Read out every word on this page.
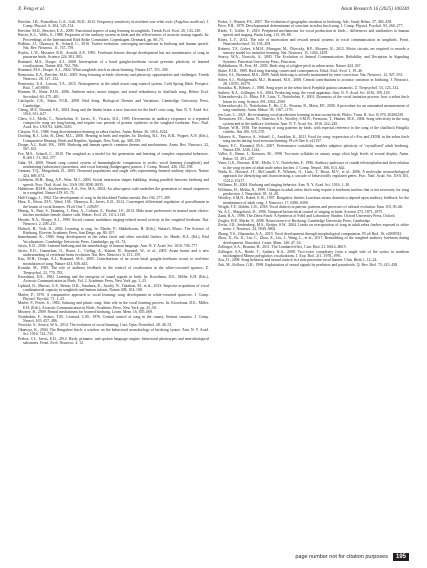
X. Peng et al.	Avian Research 16 (2025) 100240

Beecher, J.B., Ponsollion, G.A., Gall, M.D., 2013. Frequency sensitivity in northern saw-whet owls (Aegolius acadicus). J. Comp. Physiol. A. 204, 145–154.

Beecher, M.D., Beecher, E.A., 2009. Functional aspects of song learning in songbirds. Trends Ecol. Evol. 20, 143–149.

Bercet, K.C., Wells, S., 1988. Properties of the auditory system in birds and the effectiveness of acoustic startup signals. In: Proceedings of the International Bird Strike Committee, Copenhagen, Denmark, pp. 60–73.

Bolhuis, J.J., Okanoya, K., Scharff, C., 2010. Twitter evolution: converging mechanisms in birdsong and human speech. Nat. Rev. Neurosci. 11, 747–759.

Boyles, L.W., Mossner, K.R., Arnold, A.P., 1985. Forebrain lesions disrupt development but not maintenance of song in passerine birds. Science 224, 901–903.

Brainard, M.S., Doupe, A.J., 2000. Interruption of a basal ganglia-forebrain circuit prevents plasticity of learned vocalizations. Nature 404, 762–766.

Brainard, M.S., Doupe, A.J., 2002. What songbirds teach us about learning. Nature 417, 351–358.

Brenowitz, E.A., Beecher, M.D., 2005. Song learning in birds: diversity and plasticity, opportunities and challenges. Trends Neurosci. 28, 127–132.

Brenowitz, E.A., Larson, T.A., 2015. Neurogenesis in the adult avian song-control system. Cold Spring Harb. Perspect. Biol. 7, a019000.

Brumm, H., Slater, P.J.B., 2006. Ambient noise, motor fatigue, and serial redundancy in chaffinch song. Behav. Ecol. Sociobiol. 60, 475–481.

Catchpole, C.K., Slater, P.J.B., 2008. Bird Song: Biological Themes and Variations. Cambridge University Press, Cambridge.

Cheng, M.F., Durand, S.E., 2004. Song and the limbic brain: a new function for the bird's own song. Ann. N. Y. Acad. Sci. 1016, 611–627.

Chew, S.J., Mello, C., Nottebohm, F., Jarvis, E., Vicario, D.S., 1995. Decrements in auditory responses to a repeated conspecific song are long-lasting and require two periods of protein synthesis in the songbird forebrain. Proc. Natl. Acad. Sci. USA 92, 3406–3410.

Clayton, N.S., 1988. Song discrimination learning in zebra finches. Anim. Behav. 36, 1016–1024.

Dooling, R.J., Lohr, B., Dent, M.L., 2000. Hearing in birds and reptiles. In: Dooling, R.J., Fay, R.R., Popper, A.N. (Eds.), Comparative Hearing: Birds and Reptiles. Springer, New York, pp. 308–359.

Doupe, A.J., Kuhl, P.K., 1999. Birdsong and human speech: common themes and mechanisms. Annu. Rev. Neurosci. 22, 567–631.

Fee, M.S., Scharff, C., 2010. The songbird as a model for the generation and learning of complex sequential behaviors. ILAR J. 51, 362–377.

Gahr, M., 2000. Neural song control system of hummingbirds: comparison to swifts, vocal learning (songbirds) and nonlearning (suboscines) passerines, and vocal learning (budgerigars) parrots. J. Comp. Neurol. 426, 182–196.

Gentner, T.Q., Margoliash, D., 2003. Neuronal populations and single cells representing learned auditory objects. Nature 424, 669–674.

Goldstein, M.H., King, A.P., West, M.J., 2003. Social interaction shapes babbling: testing parallels between birdsong and speech. Proc. Natl. Acad. Sci. USA 100, 8030–8035.

Hahnloser, R.H.R., Kozhevnikov, A.A., Fee, M.S., 2002. An ultra-sparse code underlies the generation of neural sequences in a songbird. Nature 419, 65–70.

Hall-Craggs, J., 1962. The development of song in the blackbird Turdus merula. Ibis 104, 277–300.

Hara, E., Rivas, M.V., Ward, J.M., Okanoya, K., Jarvis, E.D., 2012. Convergent differential regulation of parvalbumin in the brains of vocal learners. PLoS One 7, e29457.

Heinig, A., Pant, S., Dunning, J., Bass, A., Coburn, Z., Prather, J.F., 2014. Male mate preferences in mutual mate choice: finches modulate female chatter calls. Behav. Ecol. 25, 1113–1120.

Hessler, N.A., Doupe, A.J., 1999. Social context modulates singing-related neural activity in the songbird forebrain. Nat. Neurosci. 2, 209–211.

Hultsch, H., Todt, D., 2004. Learning to sing. In: Marler, P., Slabbekoorn, H. (Eds.), Nature's Music: The Science of Birdsong. Elsevier Academic Press, San Diego, pp. 80–107.

Immelmann, K., 1969. Song development in the zebra finch and other estrildid finches. In: Hinde, R.A. (Ed.), Bird Vocalizations. Cambridge University Press, Cambridge, pp. 61–74.

Jarvis, E.D., 2004. Learned birdsong and the neurobiology of human language. Ann. N. Y. Acad. Sci. 1016, 749–777.

Jarvis, E.D., Gunturkun, O., Bruce, L., Csillag, A., Karten, H., Kuenzel, W., et al., 2005. Avian brains and a new understanding of vertebrate brain evolution. Nat. Rev. Neurosci. 6, 151–159.

Kao, M.H., Doupe, A.J., Brainard, M.S., 2005. Contributions of an avian basal ganglia-forebrain circuit to real-time modulation of song. Nature 433, 638–643.

Konishi, M., 1965. The role of auditory feedback in the control of vocalization in the white-crowned sparrow. Z. Tierpsychol. 22, 770–783.

Kroodsma, D.E., 1982. Learning and the ontogeny of sound signals in birds. In: Kroodsma, D.E., Miller, E.H. (Eds.), Acoustic Communication in Birds, Vol. 2. Academic Press, New York, pp. 1–23.

Lipkind, D., Marcus, G.F., Bemis, D.K., Sasahara, K., Jacoby, N., Takahasi, M., et al., 2013. Stepwise acquisition of vocal combinatorial capacity in songbirds and human infants. Nature 498, 104–108.

Marler, P., 1970. A comparative approach to vocal learning: song development in white-crowned sparrows. J. Comp. Physiol. Psychol. 71, 1–25.

Marler, P., Peters, S., 1982. Subsong and plastic song: their role in the vocal learning process. In: Kroodsma, D.E., Miller, E.H. (Eds.), Acoustic Communication in Birds. Academic Press, New York, pp. 25–50.

Mooney, R., 2009. Neural mechanisms for learned birdsong. Learn. Mem. 16, 655–669.

Nottebohm, F., Stokes, T.M., Leonard, C.M., 1976. Central control of song in the canary, Serinus canarius. J. Comp. Neurol. 165, 457–486.

Nowicki, S., Searcy, W.A., 2014. The evolution of vocal learning. Curr. Opin. Neurobiol. 28, 48–53.

Okanoya, K., 2004. The Bengalese finch: a window on the behavioral neurobiology of birdsong syntax. Ann. N. Y. Acad. Sci. 1016, 724–735.

Petkov, C.I., Jarvis, E.D., 2012. Birds, primates, and spoken language origins: behavioral phenotypes and neurobiological substrates. Front. Evol. Neurosci. 4, 12.

Podos, J., Warren, P.S., 2007. The evolution of geographic variation in birdsong. Adv. Study Behav. 37, 403–458.

Price, P.H., 1979. Developmental determinants of structure in zebra finch song. J. Comp. Physiol. Psychol. 93, 260–277.

Riede, T., Goller, F., 2010. Peripheral mechanisms for vocal production in birds – differences and similarities to human speech and singing. Brain Lang. 115, 69–80.

Riters, L.V., 2012. The role of motivation and reward neural systems in vocal communication in songbirds. Front. Neuroendocrinol. 33, 194–209.

Roberts, T.F., Gobes, S.M.H., Murugan, M., Ölveczky, B.P., Mooney, R., 2012. Motor circuits are required to encode a sensory model for imitative learning. Nat. Neurosci. 15, 1454–1459.

Searcy, W.A., Nowicki, S., 2005. The Evolution of Animal Communication: Reliability and Deception in Signaling Systems. Princeton University Press, Princeton.

Slabbekoorn, H., Peet, M., 2003. Birds sing at a higher pitch in urban noise. Nature 424, 267.

Slater, P.J.B., 1989. Bird song learning: causes and consequences. Ethol. Ecol. Evol. 1, 19–46.

Sober, S.J., Brainard, M.S., 2009. Adult birdsong is actively maintained by error correction. Nat. Neurosci. 12, 927–931.

Sober, S.J., Wohlgemuth, M.J., Brainard, M.S., 2008. Central contributions to acoustic variation in birdsong. J. Neurosci. 28, 10370–10379.

Sossinka, R., Böhner, J., 1980. Song types in the zebra finch Poephila guttata castanotis. Z. Tierpsychol. 53, 123–132.

Suthers, R.A., Zollinger, S.A., 2004. Producing song: the vocal apparatus. Ann. N. Y. Acad. Sci. 1016, 109–129.

Tchernichovski, O., Mitra, P.P., Lints, T., Nottebohm, F., 2001. Dynamics of the vocal imitation process: how a zebra finch learns its song. Science 291, 2564–2569.

Tchernichovski, O., Nottebohm, F., Ho, C.E., Pesaran, B., Mitra, P.P., 2000. A procedure for an automated measurement of song similarity. Anim. Behav. 59, 1167–1176.

ten Cate, C., 2021. Re-evaluating vocal production learning in non-oscine birds. Philos. Trans. R. Soc. B 376, 20200249.

Theunissen, F.E., Amin, N., Shaevitz, S.S., Woolley, S.M.N., Fremouw, T., Hauber, M.E., 2004. Song selectivity in the song system and in the auditory forebrain. Ann. N. Y. Acad. Sci. 1016, 222–245.

Thorpe, W.H., 1958. The learning of song patterns by birds, with especial reference to the song of the chaffinch Fringilla coelebs. Ibis 100, 535–570.

Tokarev, K., Tiunova, A., Scharff, C., Anokhin, K., 2011. Food for song: expression of c-Fos and ZENK in the zebra finch song nuclei during food aversion learning. PLoS One 6, e21157.

Tumer, E.C., Brainard, M.S., 2007. Performance variability enables adaptive plasticity of 'crystallized' adult birdsong. Nature 450, 1240–1244.

Vallet, E., Beme, I., Kreutzer, M., 1998. Two-note syllables in canary songs elicit high levels of sexual display. Anim. Behav. 55, 291–297.

Vates, G.E., Broome, B.M., Mello, C.V., Nottebohm, F., 1996. Auditory pathways of caudal telencephalon and their relation to the song system of adult male zebra finches. J. Comp. Neurol. 366, 613–642.

Wada, K., Howard, J.T., McConnell, P., Whitney, O., Lints, T., Rivas, M.V., et al., 2006. A molecular neuroethological approach for identifying and characterizing a cascade of behaviorally regulated genes. Proc. Natl. Acad. Sci. USA 103, 15212–15217.

Williams, H., 2004. Birdsong and singing behavior. Ann. N. Y. Acad. Sci. 1016, 1–30.

Williams, H., Mehta, N., 1999. Changes in adult zebra finch song require a forebrain nucleus that is not necessary for song production. J. Neurobiol. 39, 14–28.

Woolley, S.M.N., Rubel, E.W., 1997. Bengalese finches Lonchura striata domestica depend upon auditory feedback for the maintenance of adult song. J. Neurosci. 17, 6380–6390.

Wright, T.F., Dahlin, C.R., 2018. Vocal dialects in parrots: patterns and processes of cultural evolution. Emu 118, 50–66.

Yu, A.C., Margoliash, D., 1996. Temporal hierarchical control of singing in birds. Science 273, 1871–1875.

Zann, R.A., 1996. The Zebra Finch: A Synthesis of Field and Laboratory Studies. Oxford University Press, Oxford.

Zeigler, H.P., Marler, P., 2008. Neuroscience of Birdsong. Cambridge University Press, Cambridge.

Zevin, J.D., Seidenberg, M.S., Bottjer, S.W., 2004. Limits on reacquisition of song in adult zebra finches exposed to white noise. J. Neurosci. 24, 5849–5862.

Zhang, Y.S., Ghazanfar, A.A., 2019. Vocal development through morphological computation. PLoS Biol. 16, e2003933.

Zhou, X., Fu, X., Lin, C., Zhou, X., Liu, J., Wang, L., et al., 2017. Remodeling of the songbird auditory forebrain during development. Neurobiol. Learn. Mem. 140, 47–54.

Zollinger, S.A., Brumm, H., 2011. The Lombard effect. Curr. Biol. 21, R614–R615.

Zollinger, S.A., Riede, T., Suthers, R.A., 2008. Two-voice complexity from a single side of the syrinx in northern mockingbird Mimus polyglottos vocalizations. J. Exp. Biol. 211, 1978–1991.

Zou, D., 2008. Song behavior and neural control in a non-passerine vocal learner. Chin. Birds 1, 12–24.

Zuk, M., Kolluru, G.R., 1998. Exploitation of sexual signals by predators and parasitoids. Q. Rev. Biol. 73, 415–438.

page number not for citation purposes	195
